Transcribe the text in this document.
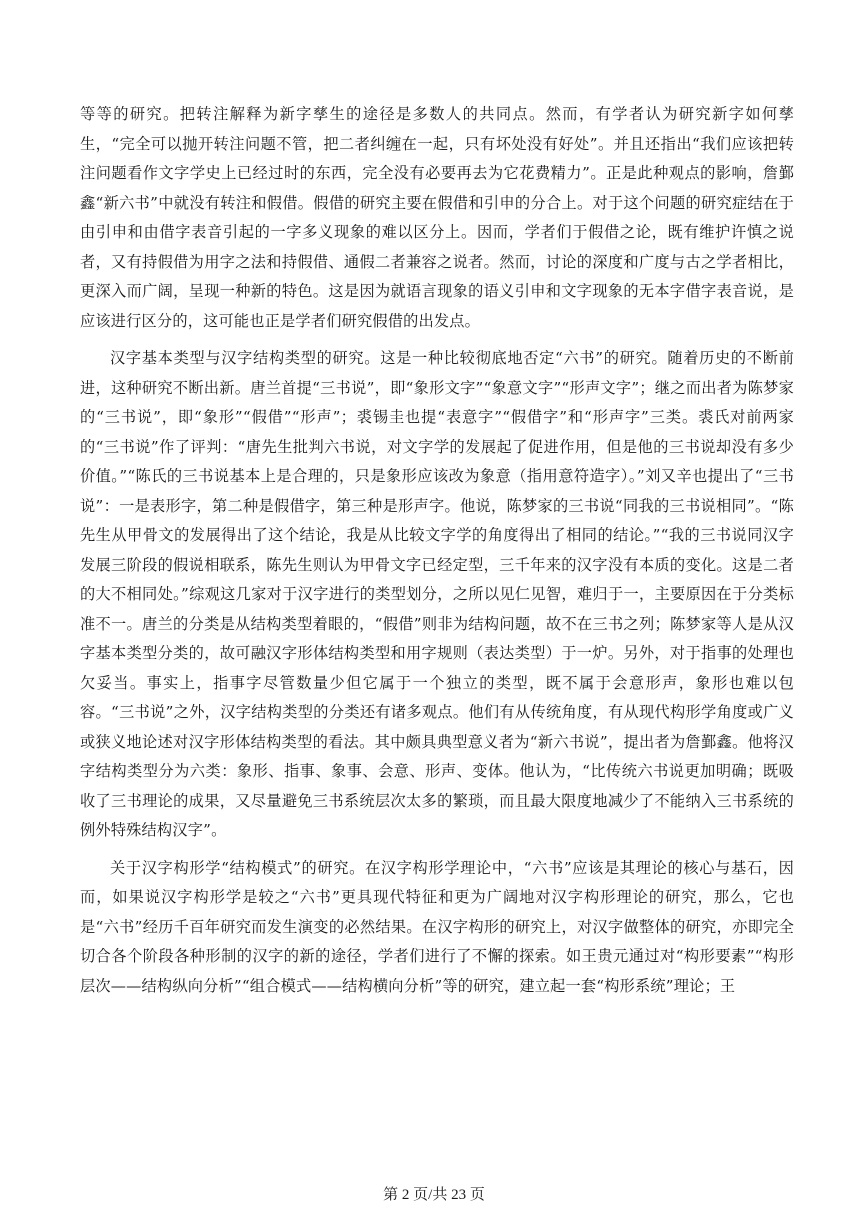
等等的研究。把转注解释为新字孳生的途径是多数人的共同点。然而，有学者认为研究新字如何孳生，“完全可以抛开转注问题不管，把二者纠缠在一起，只有坏处没有好处”。并且还指出“我们应该把转注问题看作文字学史上已经过时的东西，完全没有必要再去为它花费精力”。正是此种观点的影响，詹鄞鑫“新六书”中就没有转注和假借。假借的研究主要在假借和引申的分合上。对于这个问题的研究症结在于由引申和由借字表音引起的一字多义现象的难以区分上。因而，学者们于假借之论，既有维护许慎之说者，又有持假借为用字之法和持假借、通假二者兼容之说者。然而，讨论的深度和广度与古之学者相比，更深入而广阔，呈现一种新的特色。这是因为就语言现象的语义引申和文字现象的无本字借字表音说，是应该进行区分的，这可能也正是学者们研究假借的出发点。

汉字基本类型与汉字结构类型的研究。这是一种比较彻底地否定“六书”的研究。随着历史的不断前进，这种研究不断出新。唐兰首提“三书说”，即“象形文字”“象意文字”“形声文字”；继之而出者为陈梦家的“三书说”，即“象形”“假借”“形声”；裘锡圭也提“表意字”“假借字”和“形声字”三类。裘氏对前两家的“三书说”作了评判：“唐先生批判六书说，对文字学的发展起了促进作用，但是他的三书说却没有多少价值。”“陈氏的三书说基本上是合理的，只是象形应该改为象意（指用意符造字）。”刘又辛也提出了“三书说”：一是表形字，第二种是假借字，第三种是形声字。他说，陈梦家的三书说“同我的三书说相同”。“陈先生从甲骨文的发展得出了这个结论，我是从比较文字学的角度得出了相同的结论。”“我的三书说同汉字发展三阶段的假说相联系，陈先生则认为甲骨文字已经定型，三千年来的汉字没有本质的变化。这是二者的大不相同处。”综观这几家对于汉字进行的类型划分，之所以见仁见智，难归于一，主要原因在于分类标准不一。唐兰的分类是从结构类型着眼的，“假借”则非为结构问题，故不在三书之列；陈梦家等人是从汉字基本类型分类的，故可融汉字形体结构类型和用字规则（表达类型）于一炉。另外，对于指事的处理也欠妥当。事实上，指事字尽管数量少但它属于一个独立的类型，既不属于会意形声，象形也难以包容。“三书说”之外，汉字结构类型的分类还有诸多观点。他们有从传统角度，有从现代构形学角度或广义或狭义地论述对汉字形体结构类型的看法。其中颇具典型意义者为“新六书说”，提出者为詹鄞鑫。他将汉字结构类型分为六类：象形、指事、象事、会意、形声、变体。他认为，“比传统六书说更加明确；既吸收了三书理论的成果，又尽量避免三书系统层次太多的繁琐，而且最大限度地减少了不能纳入三书系统的例外特殊结构汉字”。

关于汉字构形学“结构模式”的研究。在汉字构形学理论中，“六书”应该是其理论的核心与基石，因而，如果说汉字构形学是较之“六书”更具现代特征和更为广阔地对汉字构形理论的研究，那么，它也是“六书”经历千百年研究而发生演变的必然结果。在汉字构形的研究上，对汉字做整体的研究，亦即完全切合各个阶段各种形制的汉字的新的途径，学者们进行了不懈的探索。如王贵元通过对“构形要素”“构形层次——结构纵向分析”“组合模式——结构横向分析”等的研究，建立起一套“构形系统”理论；王

第 2 页/共 23 页
